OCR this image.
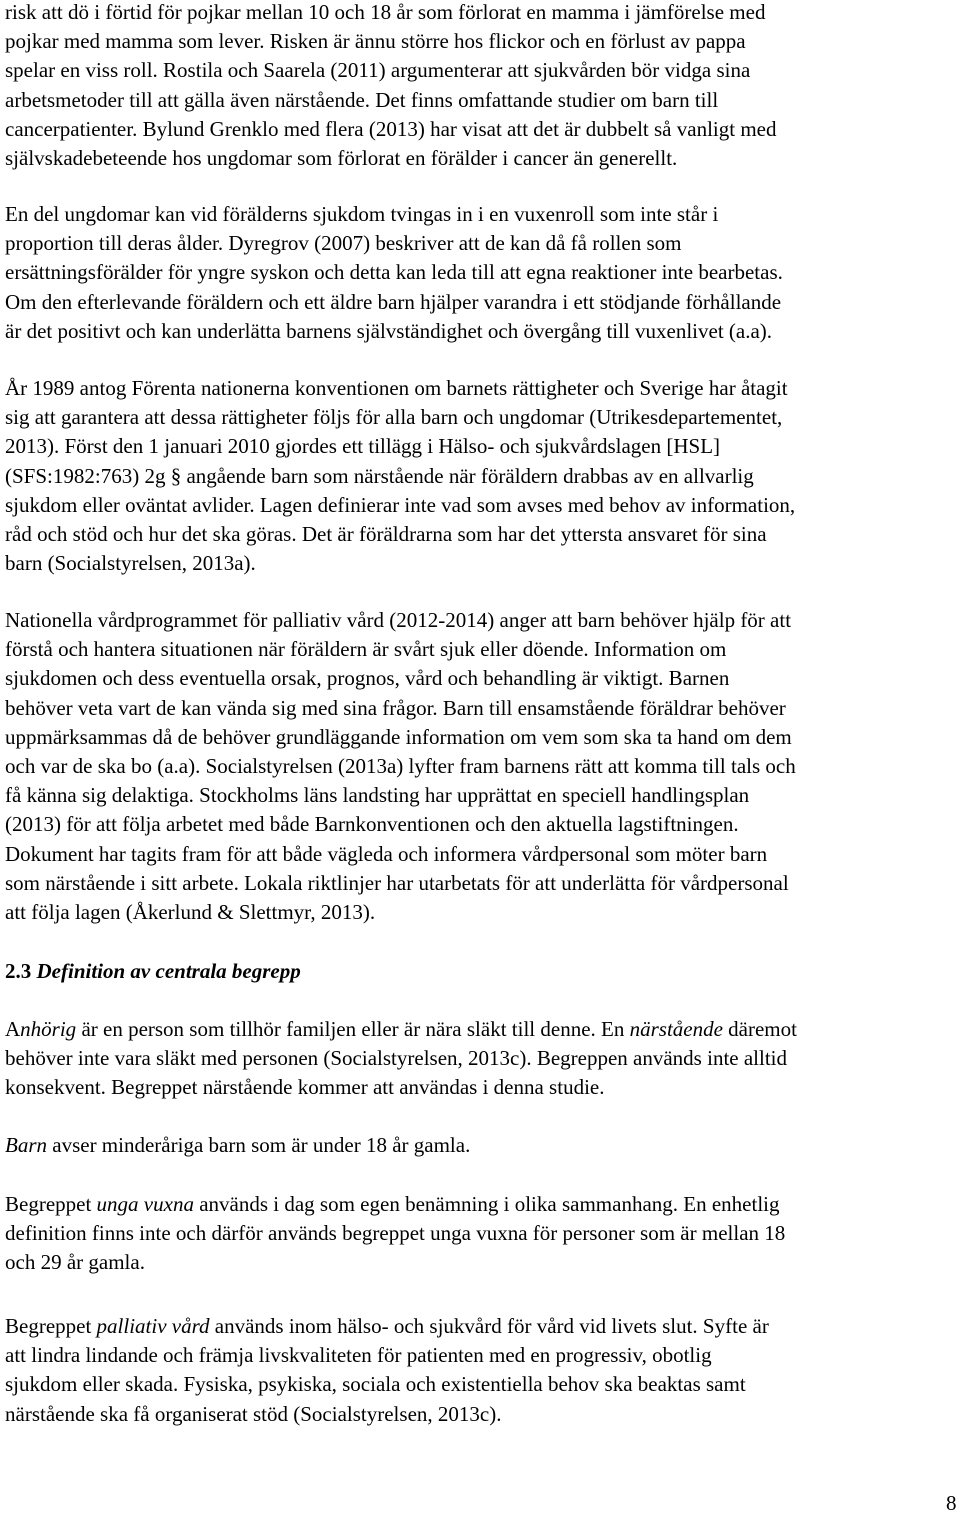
risk att dö i förtid för pojkar mellan 10 och 18 år som förlorat en mamma i jämförelse med
pojkar med mamma som lever. Risken är ännu större hos flickor och en förlust av pappa
spelar en viss roll. Rostila och Saarela (2011) argumenterar att sjukvården bör vidga sina
arbetsmetoder till att gälla även närstående. Det finns omfattande studier om barn till
cancerpatienter. Bylund Grenklo med flera (2013) har visat att det är dubbelt så vanligt med
självskadebeteende hos ungdomar som förlorat en förälder i cancer än generellt.
En del ungdomar kan vid förälderns sjukdom tvingas in i en vuxenroll som inte står i
proportion till deras ålder. Dyregrov (2007) beskriver att de kan då få rollen som
ersättningsförälder för yngre syskon och detta kan leda till att egna reaktioner inte bearbetas.
Om den efterlevande föräldern och ett äldre barn hjälper varandra i ett stödjande förhållande
är det positivt och kan underlätta barnens självständighet och övergång till vuxenlivet (a.a).
År 1989 antog Förenta nationerna konventionen om barnets rättigheter och Sverige har åtagit
sig att garantera att dessa rättigheter följs för alla barn och ungdomar (Utrikesdepartementet,
2013). Först den 1 januari 2010 gjordes ett tillägg i Hälso- och sjukvårdslagen [HSL]
(SFS:1982:763) 2g § angående barn som närstående när föräldern drabbas av en allvarlig
sjukdom eller oväntat avlider. Lagen definierar inte vad som avses med behov av information,
råd och stöd och hur det ska göras. Det är föräldrarna som har det yttersta ansvaret för sina
barn (Socialstyrelsen, 2013a).
Nationella vårdprogrammet för palliativ vård (2012-2014) anger att barn behöver hjälp för att
förstå och hantera situationen när föräldern är svårt sjuk eller döende. Information om
sjukdomen och dess eventuella orsak, prognos, vård och behandling är viktigt. Barnen
behöver veta vart de kan vända sig med sina frågor. Barn till ensamstående föräldrar behöver
uppmärksammas då de behöver grundläggande information om vem som ska ta hand om dem
och var de ska bo (a.a). Socialstyrelsen (2013a) lyfter fram barnens rätt att komma till tals och
få känna sig delaktiga. Stockholms läns landsting har upprättat en speciell handlingsplan
(2013) för att följa arbetet med både Barnkonventionen och den aktuella lagstiftningen.
Dokument har tagits fram för att både vägleda och informera vårdpersonal som möter barn
som närstående i sitt arbete. Lokala riktlinjer har utarbetats för att underlätta för vårdpersonal
att följa lagen (Åkerlund & Slettmyr, 2013).
2.3 Definition av centrala begrepp
Anhörig är en person som tillhör familjen eller är nära släkt till denne. En närstående däremot
behöver inte vara släkt med personen (Socialstyrelsen, 2013c). Begreppen används inte alltid
konsekvent. Begreppet närstående kommer att användas i denna studie.
Barn avser minderåriga barn som är under 18 år gamla.
Begreppet unga vuxna används i dag som egen benämning i olika sammanhang. En enhetlig
definition finns inte och därför används begreppet unga vuxna för personer som är mellan 18
och 29 år gamla.
Begreppet palliativ vård används inom hälso- och sjukvård för vård vid livets slut. Syfte är
att lindra lindande och främja livskvaliteten för patienten med en progressiv, obotlig
sjukdom eller skada. Fysiska, psykiska, sociala och existentiella behov ska beaktas samt
närstående ska få organiserat stöd (Socialstyrelsen, 2013c).
8
